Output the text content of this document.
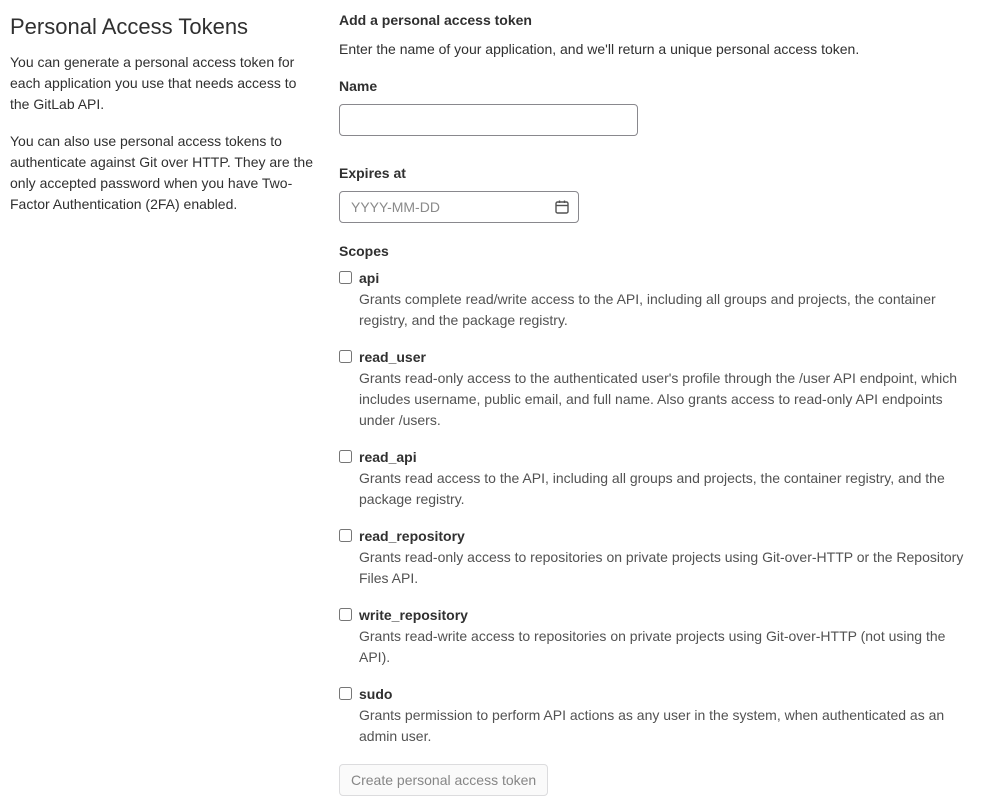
Personal Access Tokens

You can generate a personal access token for each application you use that needs access to the GitLab API.

You can also use personal access tokens to authenticate against Git over HTTP. They are the only accepted password when you have Two-Factor Authentication (2FA) enabled.

Add a personal access token

Enter the name of your application, and we'll return a unique personal access token.

Name
Expires at
YYYY-MM-DD
Scopes
api
Grants complete read/write access to the API, including all groups and projects, the container registry, and the package registry.
read_user
Grants read-only access to the authenticated user's profile through the /user API endpoint, which includes username, public email, and full name. Also grants access to read-only API endpoints under /users.
read_api
Grants read access to the API, including all groups and projects, the container registry, and the package registry.
read_repository
Grants read-only access to repositories on private projects using Git-over-HTTP or the Repository Files API.
write_repository
Grants read-write access to repositories on private projects using Git-over-HTTP (not using the API).
sudo
Grants permission to perform API actions as any user in the system, when authenticated as an admin user.
Create personal access token
